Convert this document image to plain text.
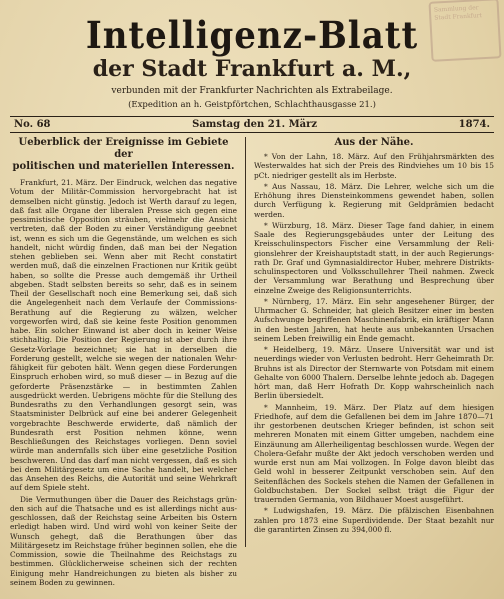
Sammlung der Stadt Frankfurt
Intelligenz-Blatt
der Stadt Frankfurt a. M.,
verbunden mit der Frankfurter Nachrichten als Extrabeilage.
(Expedition an h. Geistpförtchen, Schlachthausgasse 21.)
No. 68	Samstag den 21. März	1874.
Ueberblick der Ereignisse im Gebiete der
politischen und materiellen Interessen.

Frankfurt, 21. März. Der Eindruck, welchen das negative Votum der Militär-Commission hervorgebracht hat ist demselben nicht günstig. Jedoch ist Werth darauf zu legen, daß fast alle Organe der liberalen Presse sich gegen eine pessimistische Opposition sträuben, vielmehr die Ansicht vertreten, daß der Boden zu einer Verständigung geebnet ist, wenn es sich um die Gegenstände, um welchen es sich handelt, nicht würdig finden, daß man bei der Negation stehen geblieben sei. Wenn aber mit Recht constatirt werden muß, daß die einzelnen Fractionen nur Kritik geübt haben, so sollte die Presse auch demgemäß ihr Urtheil abgeben. Stadt selbsten bereits so sehr, daß es in seinem Theil der Gesellschaft noch eine Bemerkung sei, daß sich die Angelegenheit nach dem Verlaufe der Commissions-Berathung auf die Regierung zu wälzen, welcher vorgeworfen wird, daß sie keine feste Position genommen habe. Ein solcher Einwand ist aber doch in keiner Weise stichhaltig. Die Position der Regierung ist aber durch ihre Gesetz-Vorlage bezeichnet; sie hat in derselben die Forderung gestellt, welche sie wegen der nationalen Wehrfähigkeit für geboten hält. Wenn gegen diese Forderungen Einspruch erhoben wird, so muß dieser — in Bezug auf die geforderte Präsenzstärke — in bestimmten Zahlen ausgedrückt werden. Uebrigens möchte für die Stellung des Bundesraths zu den Verhandlungen gesorgt sein, was Staatsminister Delbrück auf eine bei anderer Gelegenheit vorgebrachte Beschwerde erwiderte, daß nämlich der Bundesrath erst Position nehmen könne, wenn Beschließungen des Reichstages vorliegen. Denn soviel würde man andernfalls sich über eine gesetzliche Position beschweren. Und das darf man nicht vergessen, daß es sich bei dem Militärgesetz um eine Sache handelt, bei welcher das Ansehen des Reichs, die Autorität und seine Wehrkraft auf dem Spiele steht.

Die Vermuthungen über die Dauer des Reichstags gründen sich auf die Thatsache und es ist allerdings nicht ausgeschlossen, daß der Reichstag seine Arbeiten bis Ostern erledigt haben wird. Und wird wohl von keiner Seite der Wunsch gehegt, daß die Berathungen über das Militärgesetz im Reichstage früher beginnen sollen, ehe die Commission, sowie die Theilnahme des Reichstags zu bestimmen. Glücklicherweise scheinen sich der rechten Einigung mehr Handreichungen zu bieten als bisher zu seinem Boden zu gewinnen.

Aus der Nähe.

* Von der Lahn, 18. März. Auf den Frühjahrsmärkten des Westerwaldes hat sich der Preis des Rindviehes um 10 bis 15 pCt. niedriger gestellt als im Herbste.

* Aus Nassau, 18. März. Die Lehrer, welche sich um die Erhöhung ihres Diensteinkommens gewendet haben, sollen durch Verfügung k. Regierung mit Geldprämien bedacht werden.

* Würzburg, 18. März. Dieser Tage fand dahier, in einem Saale des Regierungsgebäudes unter der Leitung des Kreisschulinspectors Fischer eine Versammlung der Religionslehrer der Kreishauptstadt statt, in der auch Regierungsrath Dr. Graf und Gymnasialdirector Huber, mehrere Distriktsschulinspectoren und Volksschullehrer Theil nahmen. Zweck der Versammlung war Berathung und Besprechung über einzelne Zweige des Religionsunterrichts.

* Nürnberg, 17. März. Ein sehr angesehener Bürger, der Uhrmacher G. Schneider, hat gleich Besitzer einer im besten Aufschwunge begriffenen Maschinenfabrik, ein kräftiger Mann in den besten Jahren, hat heute aus unbekannten Ursachen seinem Leben freiwillig ein Ende gemacht.

* Heidelberg, 19. März. Unsere Universität war und ist neuerdings wieder von Verlusten bedroht. Herr Geheimrath Dr. Bruhns ist als Director der Sternwarte von Potsdam mit einem Gehalte von 6000 Thalern. Derselbe lehnte jedoch ab. Dagegen hört man, daß Herr Hofrath Dr. Kopp wahrscheinlich nach Berlin übersiedelt.

* Mannheim, 19. März. Der Platz auf dem hiesigen Friedhofe, auf dem die Gefallenen bei dem im Jahre 1870—71 ihr gestorbenen deutschen Krieger befinden, ist schon seit mehreren Monaten mit einem Gitter umgeben, nachdem eine Einzäunung am Allerheiligentag beschlossen wurde. Wegen der Cholera-Gefahr mußte der Akt jedoch verschoben werden und wurde erst nun am Mai vollzogen. In Folge davon bleibt das Geld wohl in besserer Zeitpunkt verschoben sein. Auf den Seitenflächen des Sockels stehen die Namen der Gefallenen in Goldbuchstaben. Der Sockel selbst trägt die Figur der trauernden Germania, von Bildhauer Moest ausgeführt.

* Ludwigshafen, 19. März. Die pfälzischen Eisenbahnen zahlen pro 1873 eine Superdividende. Der Staat bezahlt nur die garantirten Zinsen zu 394,000 fl.
